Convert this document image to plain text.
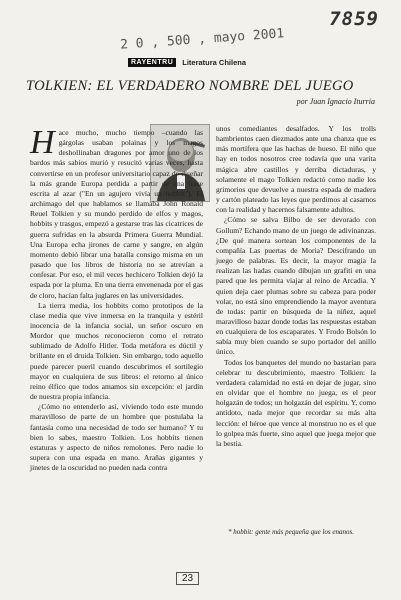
7859
2 0 , 500 , mayo 2001
RAYENTRU	Literatura Chilena
TOLKIEN: EL VERDADERO NOMBRE DEL JUEGO
por Juan Ignacio Iturria

Hace mucho, mucho tiempo –cuando las gárgolas usaban polainas y los magos deshollinaban dragones por amor uno de los bardos más sabios murió y resucitó varias veces, hasta convertirse en un profesor universitario capaz de diseñar la más grande Europa perdida a partir de una frase escrita al azar ("En un agujero vivía un hobbit"). El archimago del que hablamos se llamaba John Ronald Reuel Tolkien y su mundo perdido de elfos y magos, hobbits y trasgos, empezó a gestarse tras las cicatrices de guerra sufridas en la absurda Primera Guerra Mundial. Una Europa echa jirones de carne y sangre, en algún momento debió librar una batalla consigo misma en un pasado que los libros de historia no se atrevían a confesar. Por eso, el mil veces hechicero Tolkien dejó la espada por la pluma. En una tierra envenenada por el gas de cloro, hacían falta juglares en las universidades.

La tierra media, los hobbits como prototipos de la clase media que vive inmersa en la tranquila y estéril inocencia de la infancia social, un señor oscuro en Mordor que muchos reconocieron como el retrato sublimado de Adolfo Hitler. Toda metáfora es dúctil y brillante en el druida Tolkien. Sin embargo, todo aquello puede parecer pueril cuando descubrimos el sortilegio mayor en cualquiera de sus libros: el retorno al único reino élfico que todos amamos sin excepción: el jardín de nuestra propia infancia.

¿Cómo no entenderlo así, viviendo todo este mundo maravilloso de parte de un hombre que postulaba la fantasía como una necesidad de todo ser humano? Y tu bien lo sabes, maestro Tolkien. Los hobbits tienen estaturas y aspecto de niños remolones. Pero nadie lo supera con una espada en mano. Arañas gigantes y jinetes de la oscuridad no pueden nada contra

unos comediantes desalfados. Y los trolls hambrientos caen diezmados ante una chanza que es más mortífera que las hachas de hueso. El niño que hay en todos nosotros cree todavía que una varita mágica abre castillos y derriba dictaduras, y solamente el mago Tolkien redactó como nadie los grimorios que devuelve a nuestra espada de madera y cartón plateado las leyes que perdimos al casarnos con la realidad y hacernos falsamente adultos.

¿Cómo se salva Bilbo de ser devorado con Gollum? Echando mano de un juego de adivinanzas. ¿De qué manera sortean los componentes de la compañía Las puertas de Moria? Descifrando un juego de palabras. Es decir, la mayor magia la realizan las hadas cuando dibujan un grafiti en una pared que les permita viajar al reino de Arcadia. Y quien deja caer plumas sobre su cabeza para poder volar, no está sino emprendiendo la mayor aventura de todas: partir en búsqueda de la niñez, aquel maravilloso bazar donde todas las respuestas estaban en cualquiera de los escaparates. Y Frodo Bolsón lo sabía muy bien cuando se supo portador del anillo único.

Todos los banquetes del mundo no bastarían para celebrar tu descubrimiento, maestro Tolkien: la verdadera calamidad no está en dejar de jugar, sino en olvidar que el hombre no juega, es el peor holgazán de todos; un holgazán del espíritu. Y, como antídoto, nada mejor que recordar su más alta lección: el héroe que vence al monstruo no es el que lo golpea más fuerte, sino aquel que juega mejor que la bestia.

* hobbit: gente más pequeña que los enanos.
23
